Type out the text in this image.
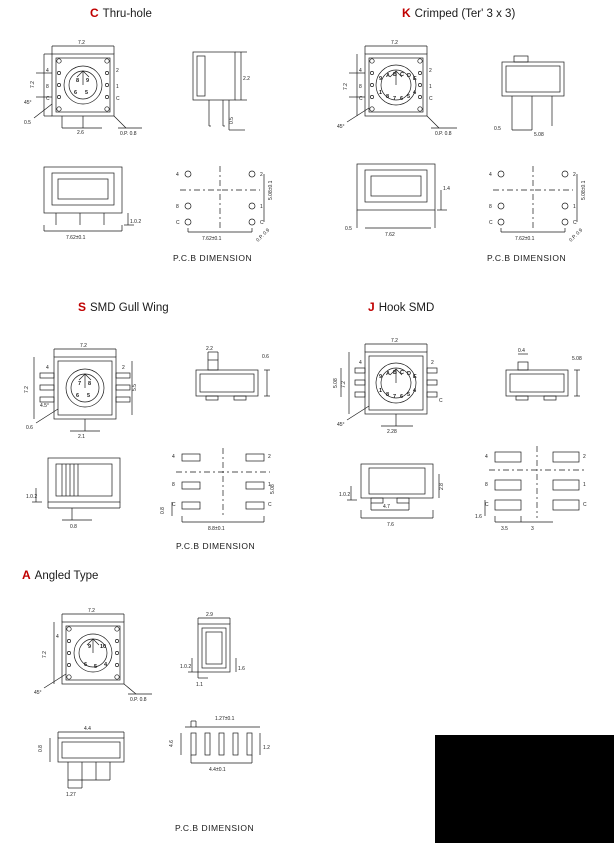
C Thru-hole
7.2
7.2
4
8
C
2
1
C
2.6
0.5
45°
0.P. 0.8
8 9
6 5
2.2
0.5
7.62±0.1
1.0.2
4
8
C
2
1
C
7.62±0.1
5.08±0.1
0.P. 0.9
P.C.B DIMENSION
K Crimped (Ter' 3 x 3)
7.2
7.2
4
8
C
2
1
C
45°
0.P. 0.8
9 A B C D E
1
8 7 6 5
4
0.5
5.08
0.5
7.62
1.4
4
8
C
2
1
C
7.62±0.1
5.08±0.1
0.P. 0.9
P.C.B DIMENSION
S SMD Gull Wing
7.2
7.2
4	2
5.5
2.1
0.6
4.5°
7 8
6 5
2.2
0.6
1.0.2
0.8
4
8
C
2
1
C
8.8±0.1
0.8
5.08
P.C.B DIMENSION
J Hook SMD
7.2
7.2
5.08
4	2
C
2.28
45°
9 A B C D E
1
8 7 6 5
4
0.4
5.08
1.0.2
4.7
7.6
2.8
4
8
C
2
1
C
3.5	3
1.6
A Angled Type
7.2
7.2
4
45°
0.P. 0.8
9 10
6 5 4
2.9
1.0.2	1.6
1.1
4.4
1.27
0.8
1.27±0.1
4.4±0.1
4.6
1.2
P.C.B DIMENSION
